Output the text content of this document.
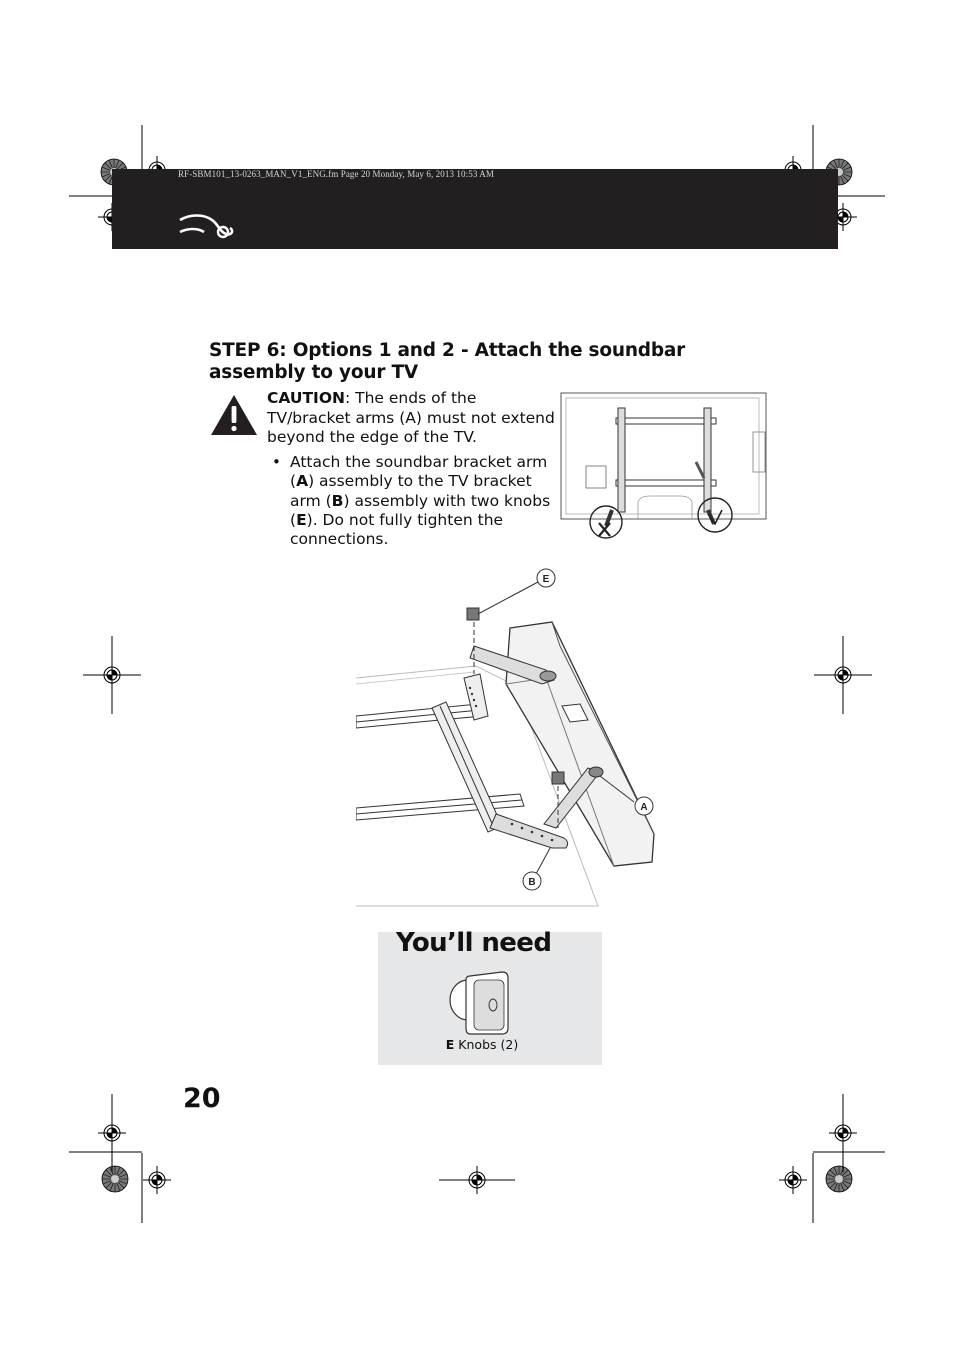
RF-SBM101_13-0263_MAN_V1_ENG.fm Page 20 Monday, May 6, 2013 10:53 AM
STEP 6: Options 1 and 2 - Attach the soundbar assembly to your TV
CAUTION: The ends of the TV/bracket arms (A) must not extend beyond the edge of the TV.
• Attach the soundbar bracket arm (A) assembly to the TV bracket arm (B) assembly with two knobs (E). Do not fully tighten the connections.
E
A
B
You’ll need
E Knobs (2)
20
